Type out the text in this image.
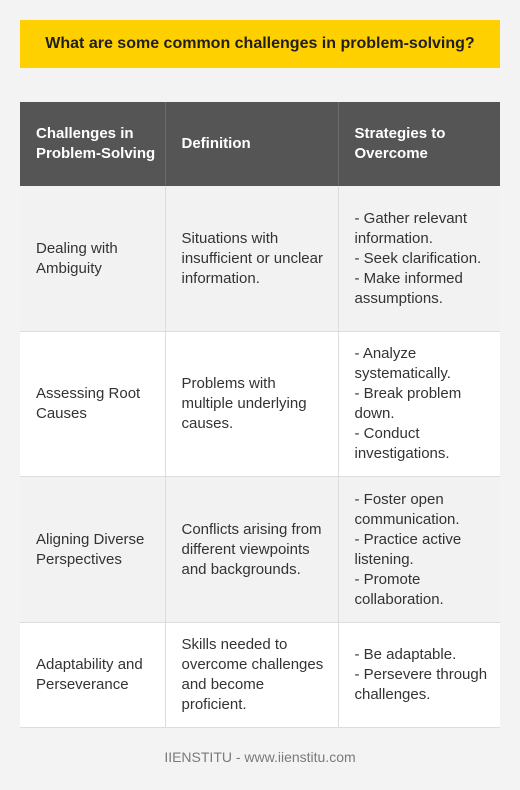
What are some common challenges in problem-solving?
Challenges in Problem-Solving	Definition	Strategies to Overcome
Dealing with Ambiguity	Situations with insufficient or unclear information.	- Gather relevant information.
- Seek clarification.
- Make informed assumptions.

Assessing Root Causes	Problems with multiple underlying causes.	- Analyze systematically.
- Break problem down.
- Conduct investigations.

Aligning Diverse Perspectives	Conflicts arising from different viewpoints and backgrounds.	- Foster open communication.
- Practice active listening.
- Promote collaboration.

Adaptability and Perseverance	Skills needed to overcome challenges and become proficient.	- Be adaptable.
- Persevere through challenges.
IIENSTITU - www.iienstitu.com
